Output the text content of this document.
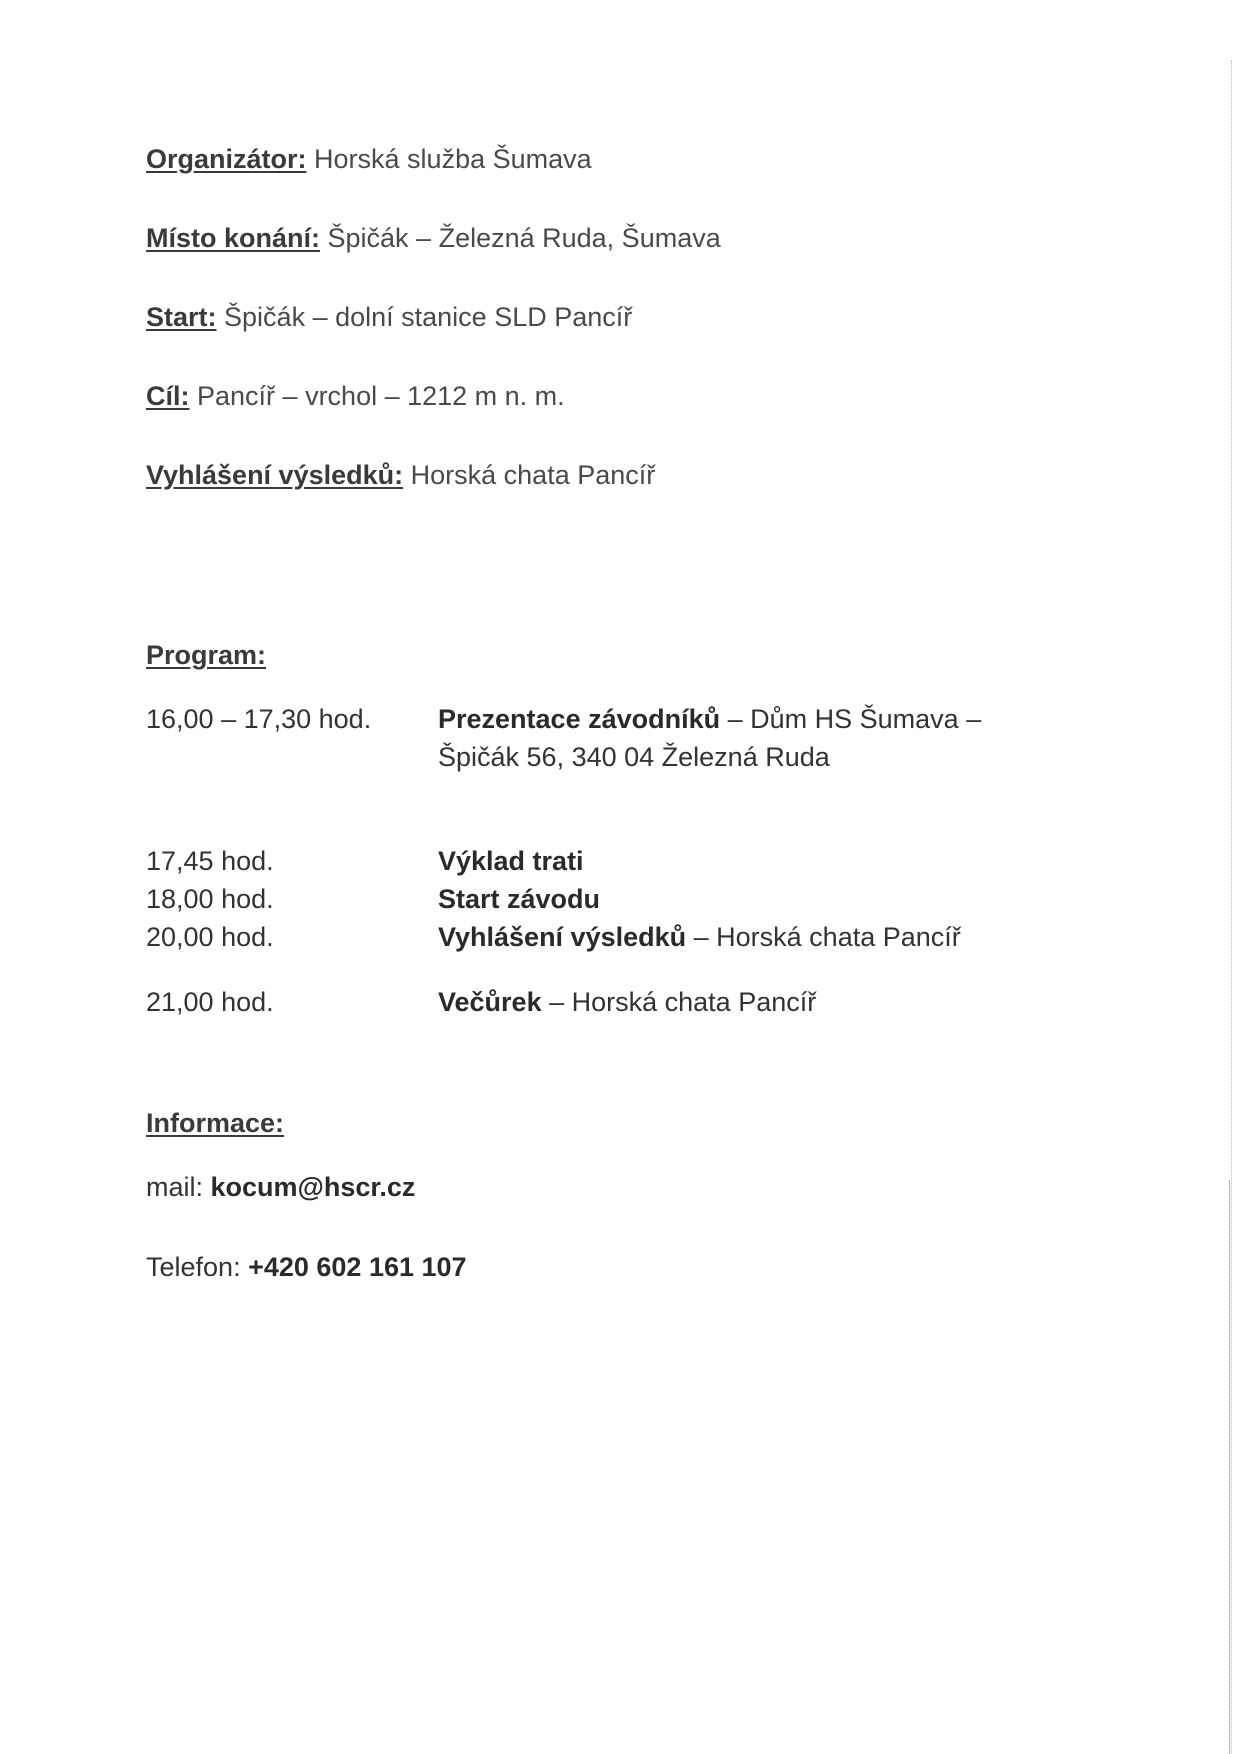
Organizátor: Horská služba Šumava
Místo konání: Špičák – Železná Ruda, Šumava
Start: Špičák – dolní stanice SLD Pancíř
Cíl: Pancíř – vrchol – 1212 m n. m.
Vyhlášení výsledků: Horská chata Pancíř
Program:
16,00 – 17,30 hod. Prezentace závodníků – Dům HS Šumava –
Špičák 56, 340 04 Železná Ruda
17,45 hod.	Výklad trati
18,00 hod.	Start závodu
20,00 hod.	Vyhlášení výsledků – Horská chata Pancíř
21,00 hod.	Večůrek – Horská chata Pancíř
Informace:
mail: kocum@hscr.cz
Telefon: +420 602 161 107
